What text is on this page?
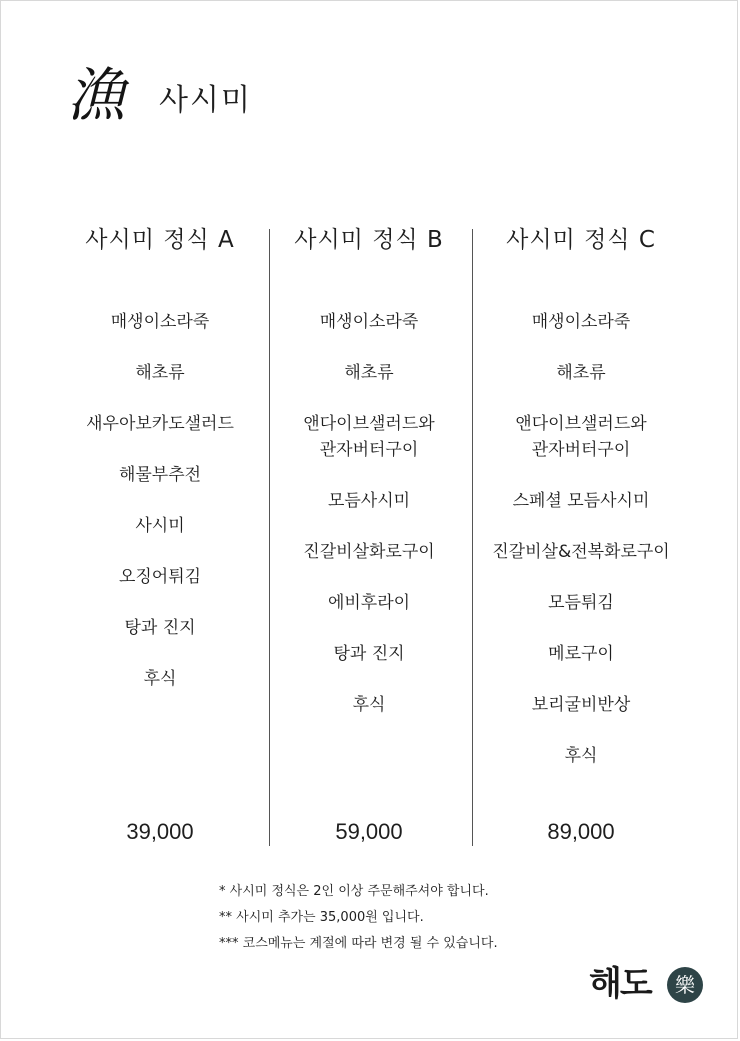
漁 사시미
사시미 정식 A
매생이소라죽
해초류
새우아보카도샐러드
해물부추전
사시미
오징어튀김
탕과 진지
후식
39,000
사시미 정식 B
매생이소라죽
해초류
앤다이브샐러드와
관자버터구이
모듬사시미
진갈비살화로구이
에비후라이
탕과 진지
후식
59,000
사시미 정식 C
매생이소라죽
해초류
앤다이브샐러드와
관자버터구이
스페셜 모듬사시미
진갈비살&전복화로구이
모듬튀김
메로구이
보리굴비반상
후식
89,000
* 사시미 정식은 2인 이상 주문해주셔야 합니다.
** 사시미 추가는 35,000원 입니다.
*** 코스메뉴는 계절에 따라 변경 될 수 있습니다.
해도	樂
